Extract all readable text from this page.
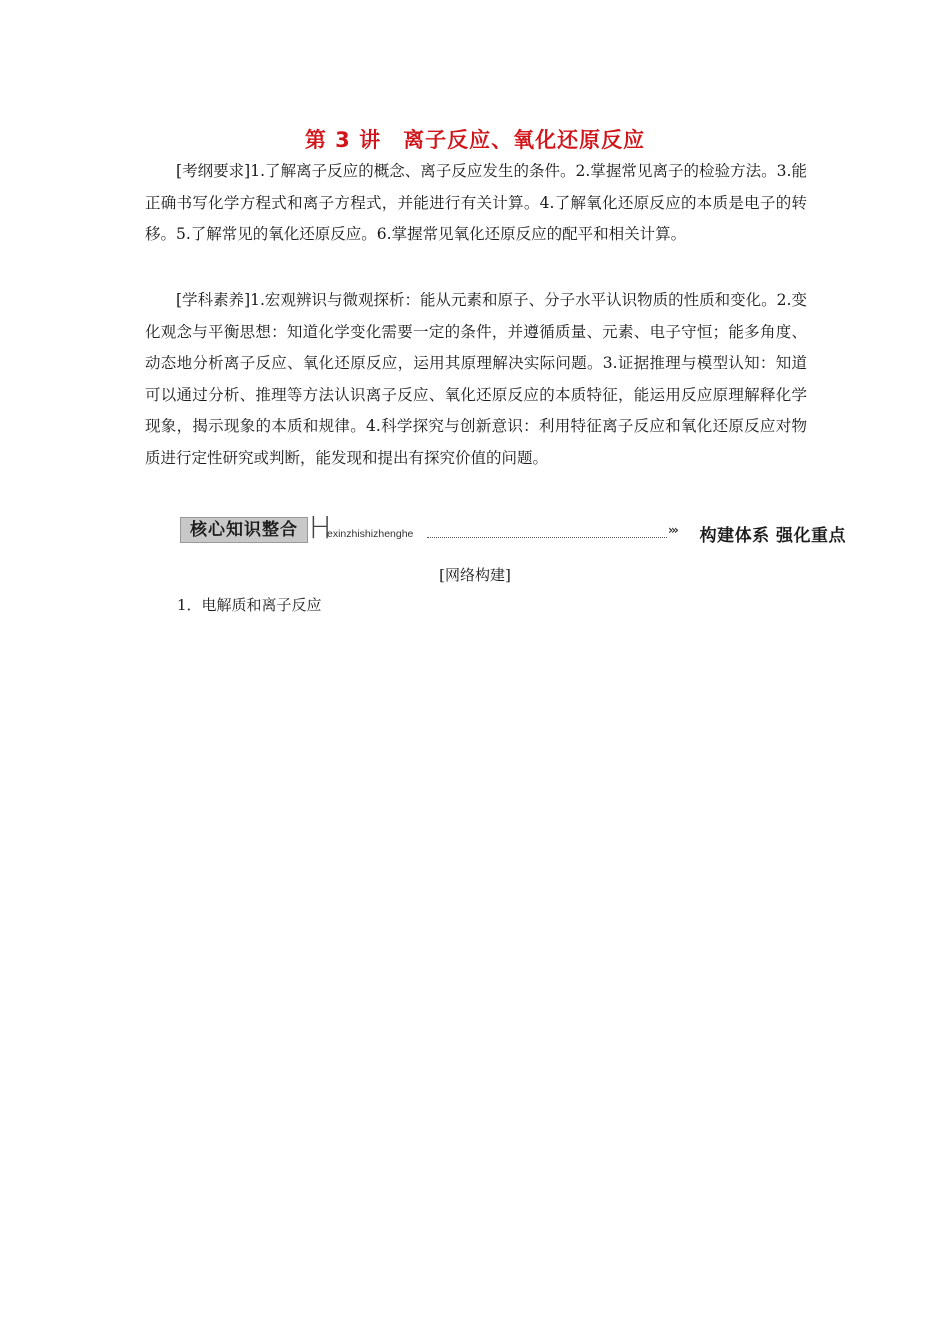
第 3 讲　离子反应、氧化还原反应

[考纲要求]1.了解离子反应的概念、离子反应发生的条件。2.掌握常见离子的检验方法。3.能正确书写化学方程式和离子方程式，并能进行有关计算。4.了解氧化还原反应的本质是电子的转移。5.了解常见的氧化还原反应。6.掌握常见氧化还原反应的配平和相关计算。

[学科素养]1.宏观辨识与微观探析：能从元素和原子、分子水平认识物质的性质和变化。2.变化观念与平衡思想：知道化学变化需要一定的条件，并遵循质量、元素、电子守恒；能多角度、动态地分析离子反应、氧化还原反应，运用其原理解决实际问题。3.证据推理与模型认知：知道可以通过分析、推理等方法认识离子反应、氧化还原反应的本质特征，能运用反应原理解释化学现象，揭示现象的本质和规律。4.科学探究与创新意识：利用特征离子反应和氧化还原反应对物质进行定性研究或判断，能发现和提出有探究价值的问题。

核心知识整合 H
exinzhishizhenghe	››› 构建体系 强化重点
[网络构建]
1．电解质和离子反应
